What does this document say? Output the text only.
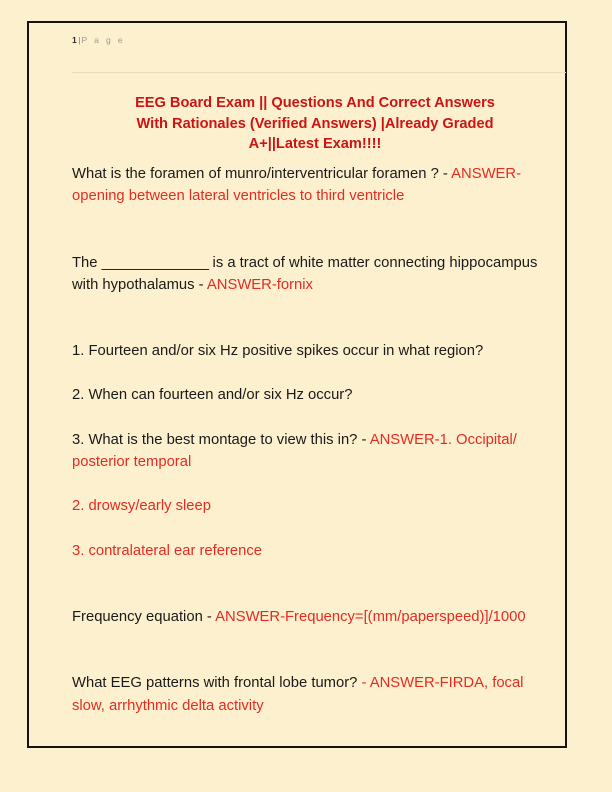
1|P a g e
EEG Board Exam || Questions And Correct Answers
With Rationales (Verified Answers) |Already Graded
A+||Latest Exam!!!!

What is the foramen of munro/interventricular foramen ? - ANSWER-opening between lateral ventricles to third ventricle

The ______________ is a tract of white matter connecting hippocampus with hypothalamus - ANSWER-fornix

1. Fourteen and/or six Hz positive spikes occur in what region?

2. When can fourteen and/or six Hz occur?

3. What is the best montage to view this in? - ANSWER-1. Occipital/ posterior temporal

2. drowsy/early sleep

3. contralateral ear reference

Frequency equation - ANSWER-Frequency=[(mm/paperspeed)]/1000

What EEG patterns with frontal lobe tumor? - ANSWER-FIRDA, focal slow, arrhythmic delta activity
